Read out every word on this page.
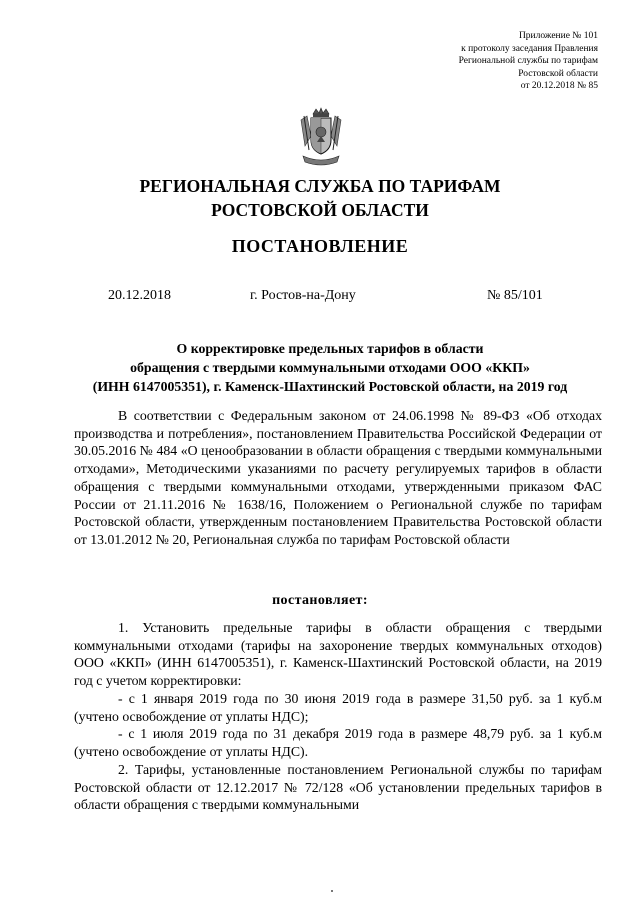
Приложение № 101
к протоколу заседания Правления
Региональной службы по тарифам
Ростовской области
от 20.12.2018 № 85
РЕГИОНАЛЬНАЯ СЛУЖБА ПО ТАРИФАМ
РОСТОВСКОЙ ОБЛАСТИ
ПОСТАНОВЛЕНИЕ
20.12.2018	г. Ростов-на-Дону	№ 85/101
О корректировке предельных тарифов в области
обращения с твердыми коммунальными отходами ООО «ККП»
(ИНН 6147005351), г. Каменск-Шахтинский Ростовской области, на 2019 год
В соответствии с Федеральным законом от 24.06.1998 № 89-ФЗ «Об отходах производства и потребления», постановлением Правительства Российской Федерации от 30.05.2016 № 484 «О ценообразовании в области обращения с твердыми коммунальными отходами», Методическими указаниями по расчету регулируемых тарифов в области обращения с твердыми коммунальными отходами, утвержденными приказом ФАС России от 21.11.2016 № 1638/16, Положением о Региональной службе по тарифам Ростовской области, утвержденным постановлением Правительства Ростовской области от 13.01.2012 № 20, Региональная служба по тарифам Ростовской области
постановляет:
1. Установить предельные тарифы в области обращения с твердыми коммунальными отходами (тарифы на захоронение твердых коммунальных отходов) ООО «ККП» (ИНН 6147005351), г. Каменск-Шахтинский Ростовской области, на 2019 год с учетом корректировки:
- с 1 января 2019 года по 30 июня 2019 года в размере 31,50 руб. за 1 куб.м (учтено освобождение от уплаты НДС);
- с 1 июля 2019 года по 31 декабря 2019 года в размере 48,79 руб. за 1 куб.м (учтено освобождение от уплаты НДС).
2. Тарифы, установленные постановлением Региональной службы по тарифам Ростовской области от 12.12.2017 № 72/128 «Об установлении предельных тарифов в области обращения с твердыми коммунальными
